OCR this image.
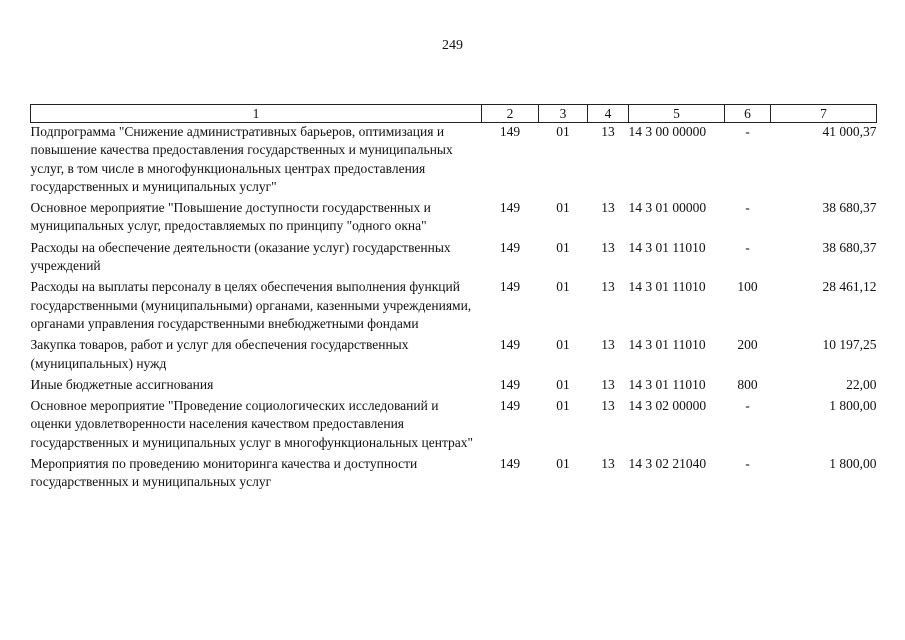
249
1	2	3	4	5	6	7
Подпрограмма "Снижение административных барьеров, оптимизация и повышение качества предоставления государственных и муниципальных услуг, в том числе в многофункциональных центрах предоставления государственных и муниципальных услуг"	149	01	13	14 3 00 00000	-	41 000,37
Основное мероприятие "Повышение доступности государственных и муниципальных услуг, предоставляемых по принципу "одного окна"	149	01	13	14 3 01 00000	-	38 680,37
Расходы на обеспечение деятельности (оказание услуг) государственных учреждений	149	01	13	14 3 01 11010	-	38 680,37
Расходы на выплаты персоналу в целях обеспечения выполнения функций государственными (муниципальными) органами, казенными учреждениями, органами управления государственными внебюджетными фондами	149	01	13	14 3 01 11010	100	28 461,12
Закупка товаров, работ и услуг для обеспечения государственных (муниципальных) нужд	149	01	13	14 3 01 11010	200	10 197,25
Иные бюджетные ассигнования	149	01	13	14 3 01 11010	800	22,00
Основное мероприятие "Проведение социологических исследований и оценки удовлетворенности населения качеством предоставления государственных и муниципальных услуг в многофункциональных центрах"	149	01	13	14 3 02 00000	-	1 800,00
Мероприятия по проведению мониторинга качества и доступности государственных и муниципальных услуг	149	01	13	14 3 02 21040	-	1 800,00
